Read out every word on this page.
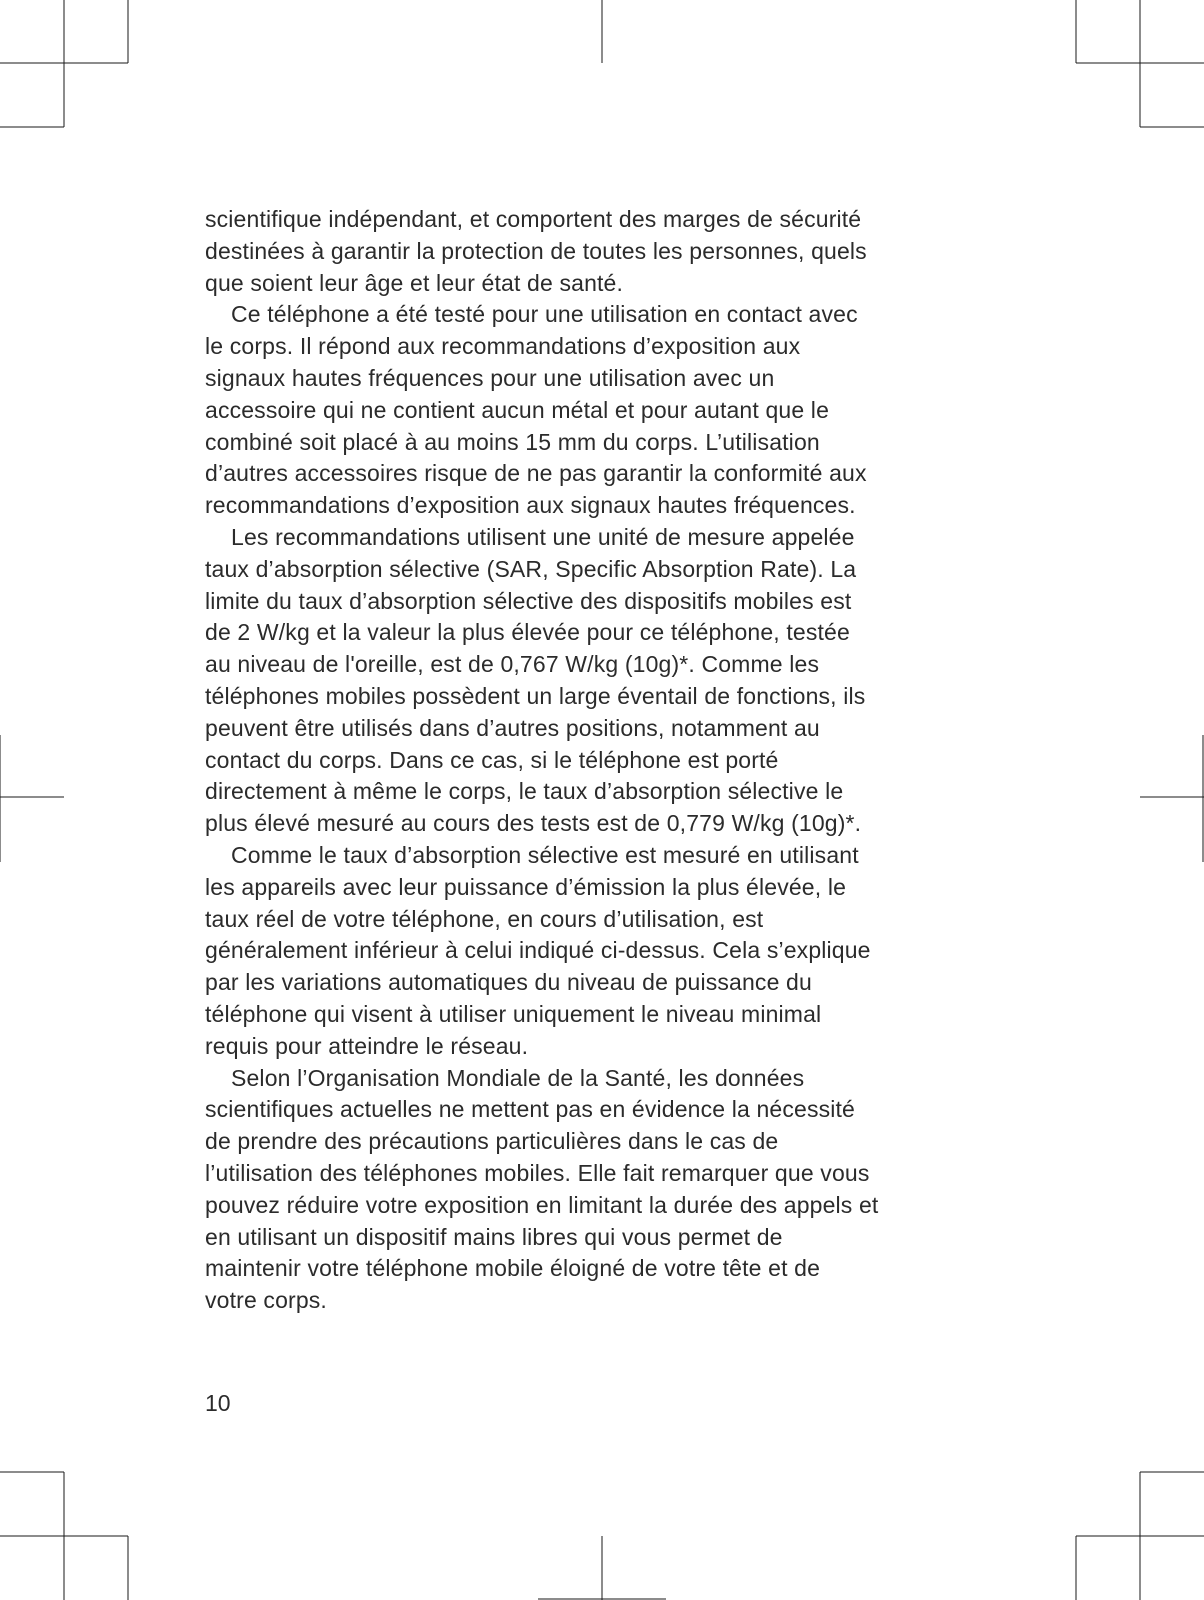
scientifique indépendant, et comportent des marges de sécurité
destinées à garantir la protection de toutes les personnes, quels
que soient leur âge et leur état de santé.

Ce téléphone a été testé pour une utilisation en contact avec
le corps. Il répond aux recommandations d’exposition aux
signaux hautes fréquences pour une utilisation avec un
accessoire qui ne contient aucun métal et pour autant que le
combiné soit placé à au moins 15 mm du corps. L’utilisation
d’autres accessoires risque de ne pas garantir la conformité aux
recommandations d’exposition aux signaux hautes fréquences.

Les recommandations utilisent une unité de mesure appelée
taux d’absorption sélective (SAR, Specific Absorption Rate). La
limite du taux d’absorption sélective des dispositifs mobiles est
de 2 W/kg et la valeur la plus élevée pour ce téléphone, testée
au niveau de l'oreille, est de 0,767 W/kg (10g)*. Comme les
téléphones mobiles possèdent un large éventail de fonctions, ils
peuvent être utilisés dans d’autres positions, notamment au
contact du corps. Dans ce cas, si le téléphone est porté
directement à même le corps, le taux d’absorption sélective le
plus élevé mesuré au cours des tests est de 0,779 W/kg (10g)*.

Comme le taux d’absorption sélective est mesuré en utilisant
les appareils avec leur puissance d’émission la plus élevée, le
taux réel de votre téléphone, en cours d’utilisation, est
généralement inférieur à celui indiqué ci-dessus. Cela s’explique
par les variations automatiques du niveau de puissance du
téléphone qui visent à utiliser uniquement le niveau minimal
requis pour atteindre le réseau.

Selon l’Organisation Mondiale de la Santé, les données
scientifiques actuelles ne mettent pas en évidence la nécessité
de prendre des précautions particulières dans le cas de
l’utilisation des téléphones mobiles. Elle fait remarquer que vous
pouvez réduire votre exposition en limitant la durée des appels et
en utilisant un dispositif mains libres qui vous permet de
maintenir votre téléphone mobile éloigné de votre tête et de
votre corps.

10
